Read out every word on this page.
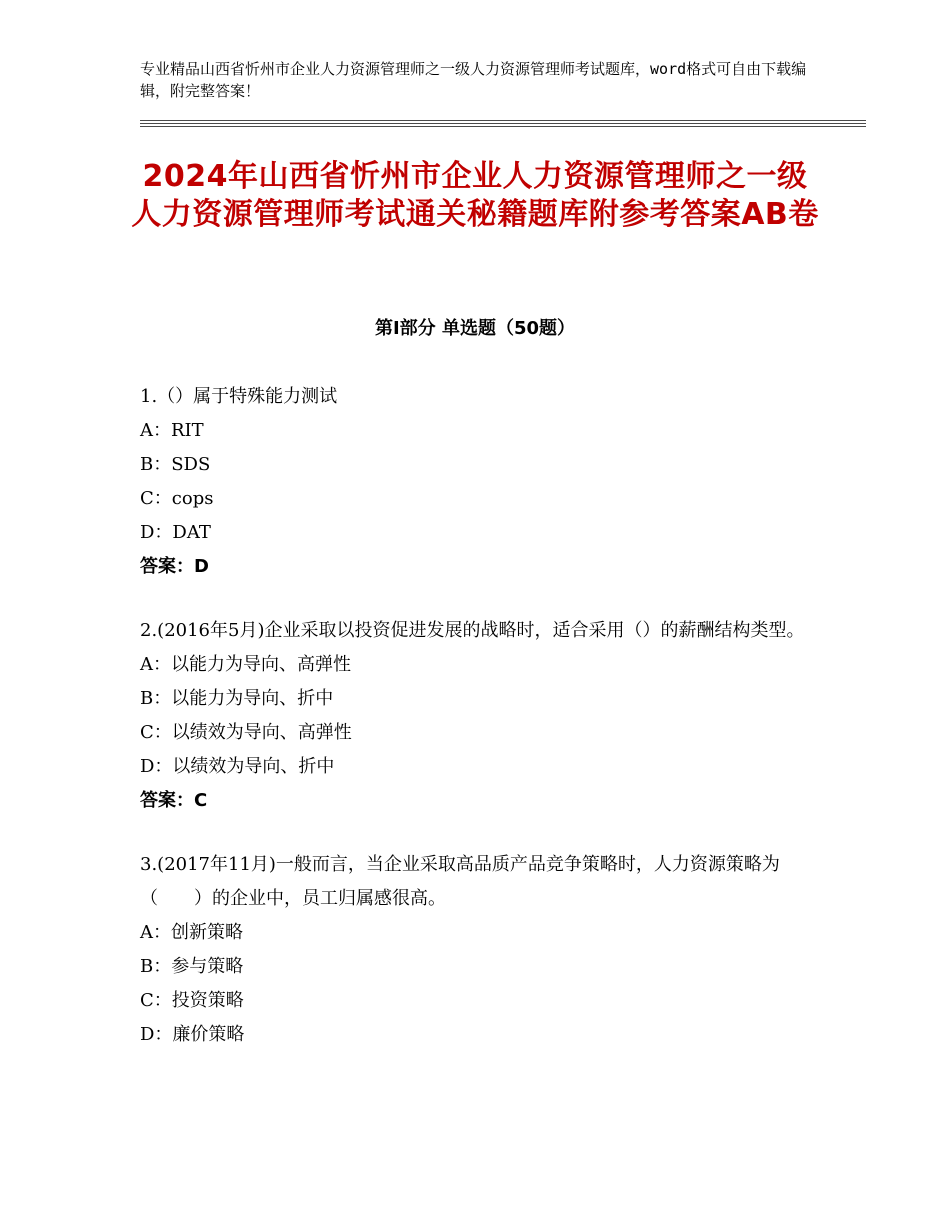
专业精品山西省忻州市企业人力资源管理师之一级人力资源管理师考试题库，word格式可自由下载编辑，附完整答案！
2024年山西省忻州市企业人力资源管理师之一级人力资源管理师考试通关秘籍题库附参考答案AB卷
第Ⅰ部分 单选题（50题）
1.（）属于特殊能力测试
A：RIT
B：SDS
C：cops
D：DAT
答案：D
2.(2016年5月)企业采取以投资促进发展的战略时，适合采用（）的薪酬结构类型。
A：以能力为导向、高弹性
B：以能力为导向、折中
C：以绩效为导向、高弹性
D：以绩效为导向、折中
答案：C
3.(2017年11月)一般而言，当企业采取高品质产品竞争策略时，人力资源策略为（　　）的企业中，员工归属感很高。
A：创新策略
B：参与策略
C：投资策略
D：廉价策略
